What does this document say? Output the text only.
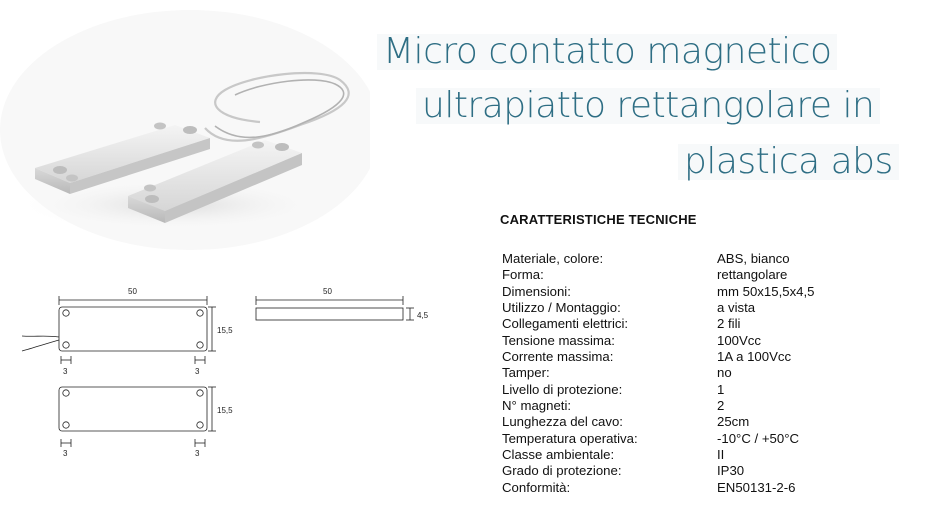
Micro contatto magnetico
ultrapiatto rettangolare in
plastica abs
CARATTERISTICHE TECNICHE
Materiale, colore:	ABS, bianco
Forma:	rettangolare
Dimensioni:	mm 50x15,5x4,5
Utilizzo / Montaggio:	a vista
Collegamenti elettrici:	2 fili
Tensione massima:	100Vcc
Corrente massima:	1A a 100Vcc
Tamper:	no
Livello di protezione:	1
N° magneti:	2
Lunghezza del cavo:	25cm
Temperatura operativa:	-10°C / +50°C
Classe ambientale:	II
Grado di protezione:	IP30
Conformità:	EN50131-2-6
50
15,5
3	3
50
4,5
15,5
3	3
